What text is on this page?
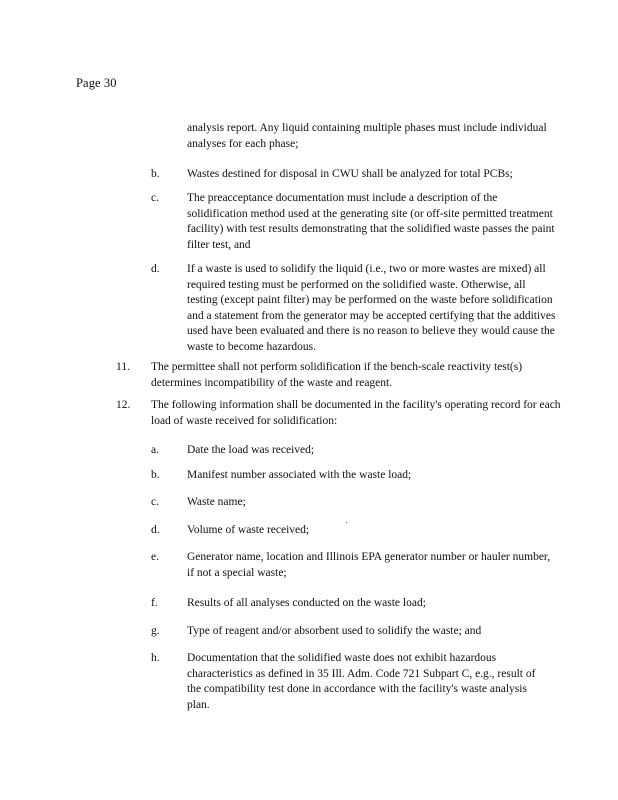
Page 30
analysis report. Any liquid containing multiple phases must include individual analyses for each phase;
b. Wastes destined for disposal in CWU shall be analyzed for total PCBs;
c. The preacceptance documentation must include a description of the solidification method used at the generating site (or off-site permitted treatment facility) with test results demonstrating that the solidified waste passes the paint filter test, and
d. If a waste is used to solidify the liquid (i.e., two or more wastes are mixed) all required testing must be performed on the solidified waste. Otherwise, all testing (except paint filter) may be performed on the waste before solidification and a statement from the generator may be accepted certifying that the additives used have been evaluated and there is no reason to believe they would cause the waste to become hazardous.
11. The permittee shall not perform solidification if the bench-scale reactivity test(s) determines incompatibility of the waste and reagent.
12. The following information shall be documented in the facility's operating record for each load of waste received for solidification:
a. Date the load was received;
b. Manifest number associated with the waste load;
c. Waste name;
d. Volume of waste received;
e. Generator name, location and Illinois EPA generator number or hauler number, if not a special waste;
f.	Results of all analyses conducted on the waste load;
g. Type of reagent and/or absorbent used to solidify the waste; and
h. Documentation that the solidified waste does not exhibit hazardous characteristics as defined in 35 Ill. Adm. Code 721 Subpart C, e.g., result of the compatibility test done in accordance with the facility's waste analysis plan.
